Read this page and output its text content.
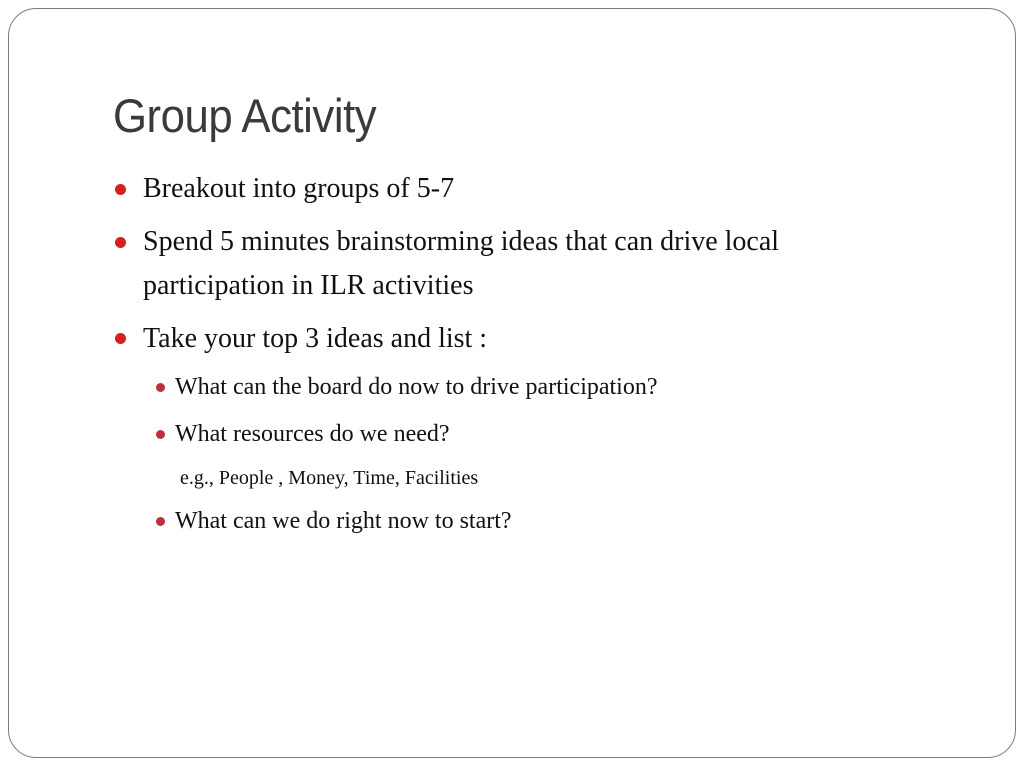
Group Activity
Breakout into groups of 5-7
Spend 5 minutes brainstorming ideas that can drive local
participation in ILR activities
Take your top 3 ideas and list :
What can the board do now to drive participation?
What resources do we need?
e.g., People , Money, Time, Facilities
What can we do right now to start?
